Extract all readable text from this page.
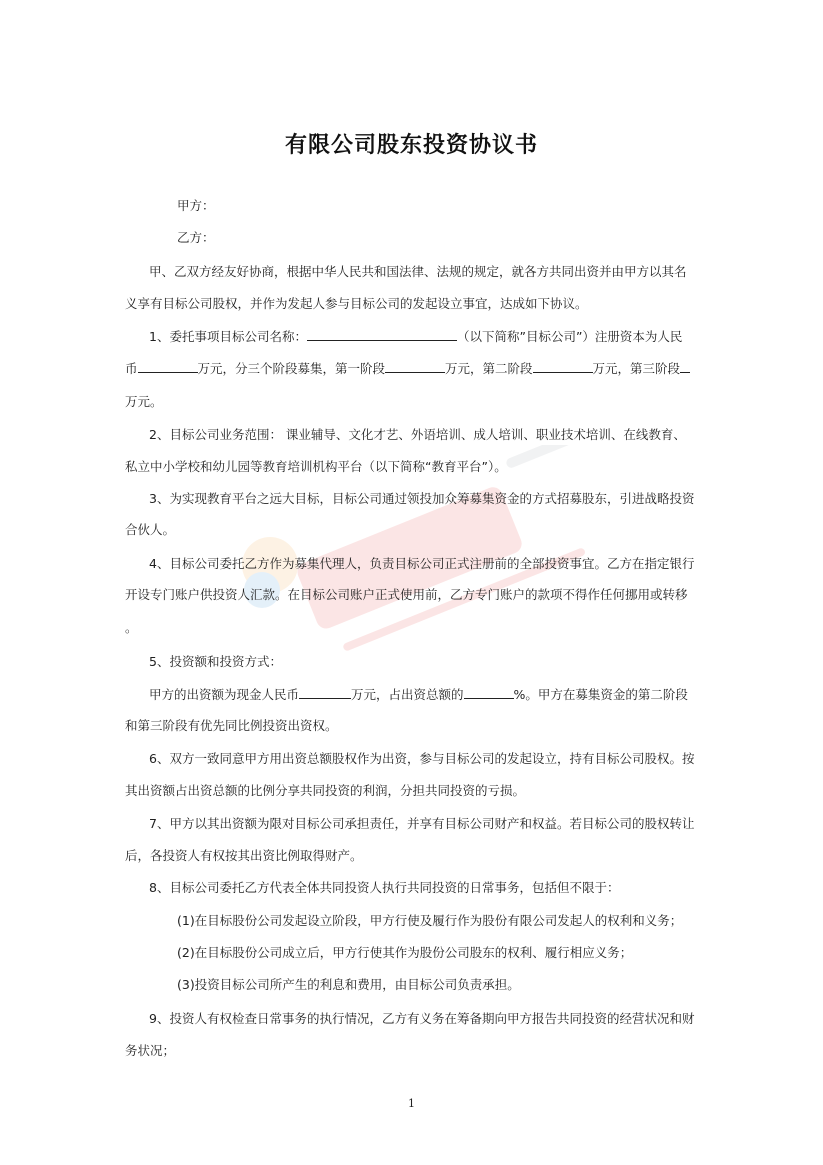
有限公司股东投资协议书
甲方：
乙方：
甲、乙双方经友好协商，根据中华人民共和国法律、法规的规定，就各方共同出资并由甲方以其名
义享有目标公司股权，并作为发起人参与目标公司的发起设立事宜，达成如下协议。
1、委托事项目标公司名称：	（以下简称”目标公司”）注册资本为人民
币	万元，分三个阶段募集，第一阶段	万元，第二阶段	万元，第三阶段
万元。
2、目标公司业务范围： 课业辅导、文化才艺、外语培训、成人培训、职业技术培训、在线教育、
私立中小学校和幼儿园等教育培训机构平台（以下简称“教育平台”）。
3、为实现教育平台之远大目标，目标公司通过领投加众筹募集资金的方式招募股东，引进战略投资
合伙人。
4、目标公司委托乙方作为募集代理人，负责目标公司正式注册前的全部投资事宜。乙方在指定银行
开设专门账户供投资人汇款。在目标公司账户正式使用前，乙方专门账户的款项不得作任何挪用或转移
。
5、投资额和投资方式：
甲方的出资额为现金人民币	万元，占出资总额的	%。甲方在募集资金的第二阶段
和第三阶段有优先同比例投资出资权。
6、双方一致同意甲方用出资总额股权作为出资，参与目标公司的发起设立，持有目标公司股权。按
其出资额占出资总额的比例分享共同投资的利润，分担共同投资的亏损。
7、甲方以其出资额为限对目标公司承担责任，并享有目标公司财产和权益。若目标公司的股权转让
后，各投资人有权按其出资比例取得财产。
8、目标公司委托乙方代表全体共同投资人执行共同投资的日常事务，包括但不限于：
(1)在目标股份公司发起设立阶段，甲方行使及履行作为股份有限公司发起人的权利和义务；
(2)在目标股份公司成立后，甲方行使其作为股份公司股东的权利、履行相应义务；
(3)投资目标公司所产生的利息和费用，由目标公司负责承担。
9、投资人有权检查日常事务的执行情况，乙方有义务在筹备期向甲方报告共同投资的经营状况和财
务状况；
1
